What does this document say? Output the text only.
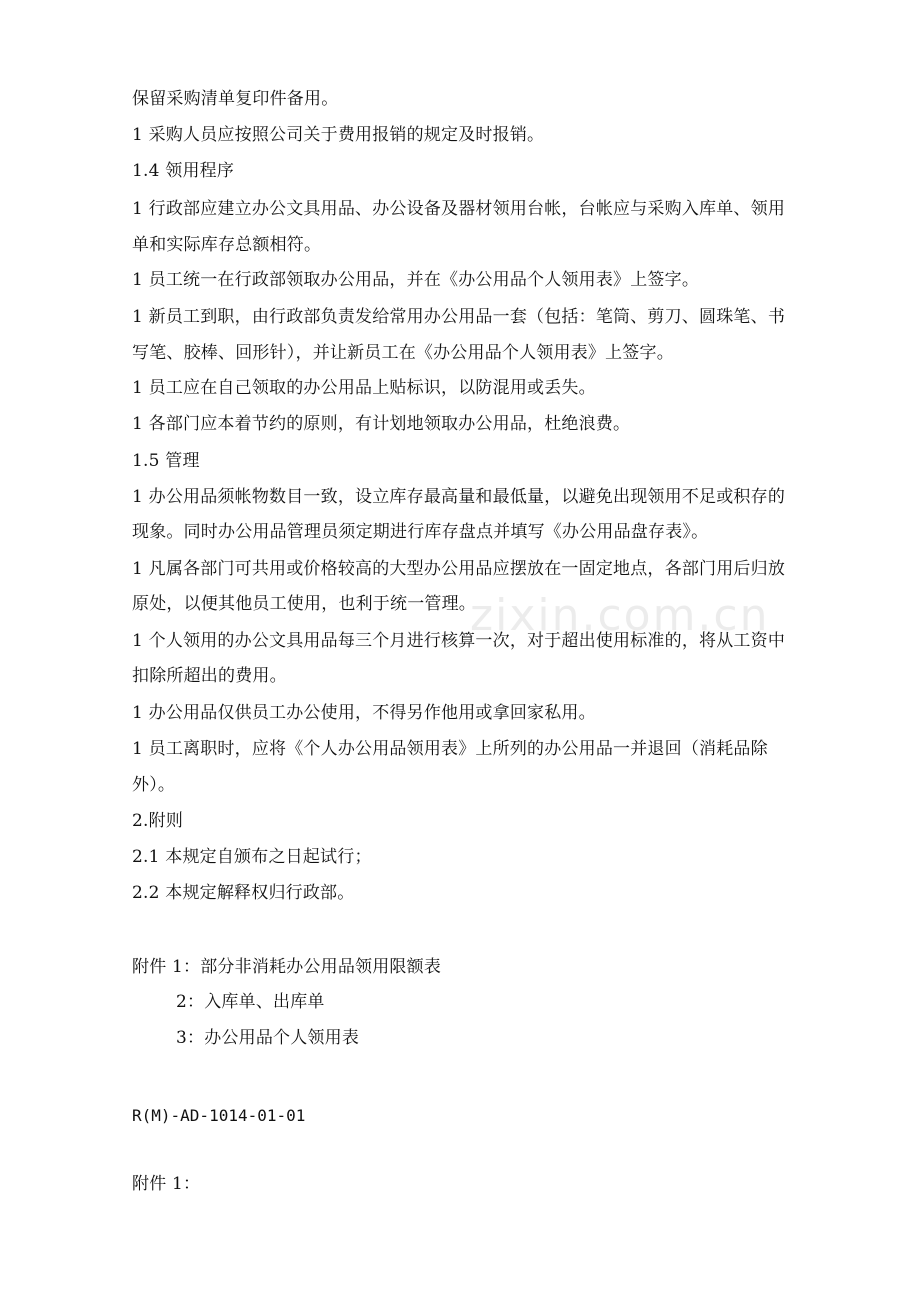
保留采购清单复印件备用。
1 采购人员应按照公司关于费用报销的规定及时报销。
1.4 领用程序
1 行政部应建立办公文具用品、办公设备及器材领用台帐，台帐应与采购入库单、领用
单和实际库存总额相符。
1 员工统一在行政部领取办公用品，并在《办公用品个人领用表》上签字。
1 新员工到职，由行政部负责发给常用办公用品一套（包括：笔筒、剪刀、圆珠笔、书
写笔、胶棒、回形针），并让新员工在《办公用品个人领用表》上签字。
1 员工应在自己领取的办公用品上贴标识，以防混用或丢失。
1 各部门应本着节约的原则，有计划地领取办公用品，杜绝浪费。
1.5 管理
1 办公用品须帐物数目一致，设立库存最高量和最低量，以避免出现领用不足或积存的
现象。同时办公用品管理员须定期进行库存盘点并填写《办公用品盘存表》。
1 凡属各部门可共用或价格较高的大型办公用品应摆放在一固定地点，各部门用后归放
原处，以便其他员工使用，也利于统一管理。
1 个人领用的办公文具用品每三个月进行核算一次，对于超出使用标准的，将从工资中
扣除所超出的费用。
1 办公用品仅供员工办公使用，不得另作他用或拿回家私用。
1 员工离职时，应将《个人办公用品领用表》上所列的办公用品一并退回（消耗品除
外）。
2.附则
2.1 本规定自颁布之日起试行；
2.2 本规定解释权归行政部。
附件 1：部分非消耗办公用品领用限额表
2：入库单、出库单
3：办公用品个人领用表
R(M)-AD-1014-01-01
附件 1：
zixin.com.cn
